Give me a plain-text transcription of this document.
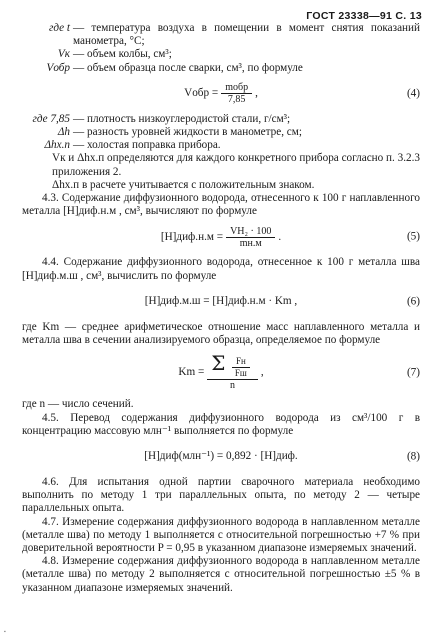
ГОСТ 23338—91 С. 13
где t — температура воздуха в помещении в момент снятия показаний манометра, °С;
Vк — объем колбы, см³;
Vобр — объем образца после сварки, см³, по формуле
Vобр = $\frac{\text{mобр}}{7,85}$ ,	(4)
где 7,85 — плотность низкоуглеродистой стали, г/см³;
Δh — разность уровней жидкости в манометре, см;
Δhх.п — холостая поправка прибора.

Vк и Δhх.п определяются для каждого конкретного прибора согласно п. 3.2.3 приложения 2.

Δhх.п в расчете учитывается с положительным знаком.

4.3. Содержание диффузионного водорода, отнесенного к 100 г наплавленного металла [Н]диф.н.м , см³, вычисляют по формуле

$[Н]диф.н.м = \frac{\text{VН₂ · 100}}{mн.м}$ .	(5)

4.4. Содержание диффузионного водорода, отнесенное к 100 г металла шва [Н]диф.м.ш , см³, вычислить по формуле

[Н]диф.м.ш = [Н]диф.н.м · Km ,	(6)

где Km — среднее арифметическое отношение масс наплавленного металла и металла шва в сечении анализируемого образца, определяемое по формуле

$Km = \frac{\Sigma \frac{Fн}{Fш}}{n}$ ,	(7)

где n — число сечений.

4.5. Перевод содержания диффузионного водорода из см³/100 г в концентрацию массовую млн⁻¹ выполняется по формуле

[Н]диф(млн⁻¹) = 0,892 · [Н]диф.	(8)

4.6. Для испытания одной партии сварочного материала необходимо выполнить по методу 1 три параллельных опыта, по методу 2 — четыре параллельных опыта.

4.7. Измерение содержания диффузионного водорода в наплавленном металле (металле шва) по методу 1 выполняется с относительной погрешностью +7 % при доверительной вероятности P = 0,95 в указанном диапазоне измеряемых значений.

4.8. Измерение содержания диффузионного водорода в наплавленном металле (металле шва) по методу 2 выполняется с относительной погрешностью ±5 % в указанном диапазоне измеряемых значений.

▪
